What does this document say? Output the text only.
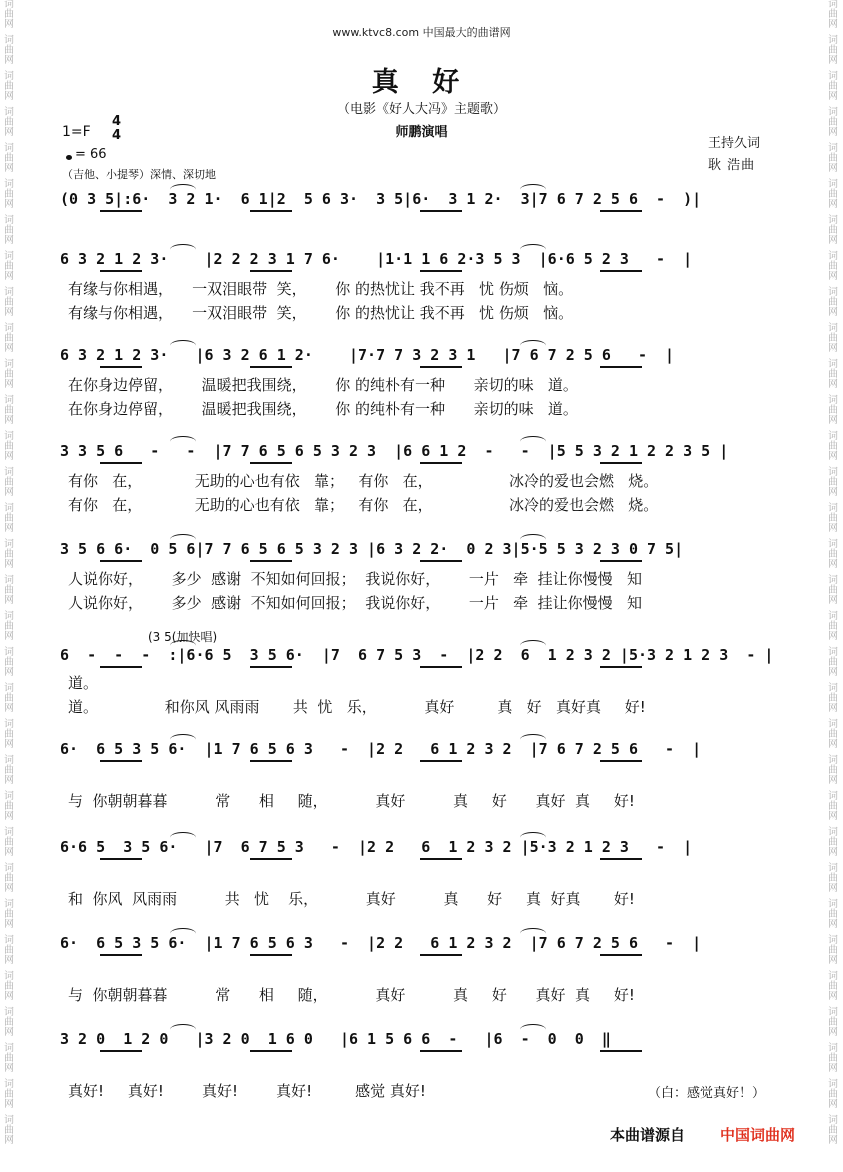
词
曲
网
词
曲
网
词
曲
网
词
曲
网
词
曲
网
词
曲
网
词
曲
网
词
曲
网
词
曲
网
词
曲
网
词
曲
网
词
曲
网
词
曲
网
词
曲
网
词
曲
网
词
曲
网
词
曲
网
词
曲
网
词
曲
网
词
曲
网
词
曲
网
词
曲
网
词
曲
网
词
曲
网
词
曲
网
词
曲
网
词
曲
网
词
曲
网
词
曲
网
词
曲
网
词
曲
网
词
曲
网
词
曲
网
词
曲
网
词
曲
网
词
曲
网
词
曲
网
词
曲
网
词
曲
网
词
曲
网
词
曲
网
词
曲
网
词
曲
网
词
曲
网
词
曲
网
词
曲
网
词
曲
网
词
曲
网
词
曲
网
词
曲
网
词
曲
网
词
曲
网
词
曲
网
词
曲
网
词
曲
网
词
曲
网
词
曲
网
词
曲
网
词
曲
网
词
曲
网
词
曲
网
词
曲
网
词
曲
网
词
曲
网
www.ktvc8.com 中国最大的曲谱网
真 好
（电影《好人大冯》主题歌）
师鹏演唱
1=F
4
4
= 66
（吉他、小提琴）深情、深切地
王持久词
耿 浩曲
(0 3 5|:6·  3 2 1·  6 1|2  5 6 3·  3 5|6·  3 1 2·  3|7 6 7 2 5 6  -  )|
6 3 2 1 2 3·    |2 2 2 3 1 7 6·    |1·1 1 6 2·3 5 3  |6·6 5 2 3   -  |
有缘与你相遇，    一双泪眼带  笑，      你 的热忧让 我不再   忧 伤烦   恼。
有缘与你相遇，    一双泪眼带  笑，      你 的热忧让 我不再   忧 伤烦   恼。
6 3 2 1 2 3·   |6 3 2 6 1 2·    |7·7 7 3 2 3 1   |7 6 7 2 5 6   -  |
在你身边停留，      温暖把我围绕，      你 的纯朴有一种      亲切的味   道。
在你身边停留，      温暖把我围绕，      你 的纯朴有一种      亲切的味   道。
3 3 5 6   -   -  |7 7 6 5 6 5 3 2 3  |6 6 1 2  -   -  |5 5 3 2 1 2 2 3 5 |
有你   在，           无助的心也有依   靠；   有你   在，                冰冷的爱也会燃   烧。
有你   在，           无助的心也有依   靠；   有你   在，                冰冷的爱也会燃   烧。
3 5 6 6·  0 5 6|7 7 6 5 6 5 3 2 3 |6 3 2 2·  0 2 3|5·5 5 3 2 3 0 7 5|
人说你好，      多少  感谢  不知如何回报；  我说你好，      一片   牵  挂让你慢慢   知
人说你好，      多少  感谢  不知如何回报；  我说你好，      一片   牵  挂让你慢慢   知
6  -  -  -  :|6·6 5  3 5 6·  |7  6 7 5 3  -  |2 2  6  1 2 3 2 |5·3 2 1 2 3  - |
道。
道。              和你风 风雨雨       共  忧   乐，          真好         真   好   真好真     好!
6·  6 5 3 5 6·  |1 7 6 5 6 3   -  |2 2   6 1 2 3 2  |7 6 7 2 5 6   -  |
与  你朝朝暮暮          常      相     随，          真好          真     好      真好  真     好!
6·6 5  3 5 6·   |7  6 7 5 3   -  |2 2   6  1 2 3 2 |5·3 2 1 2 3   -  |
和  你风  风雨雨          共   忧    乐，          真好          真      好     真  好真       好!
6·  6 5 3 5 6·  |1 7 6 5 6 3   -  |2 2   6 1 2 3 2  |7 6 7 2 5 6   -  |
与  你朝朝暮暮          常      相     随，          真好          真     好      真好  真     好!
3 2 0  1 2 0   |3 2 0  1 6 0   |6 1 5 6 6  -   |6  -  0  0  ‖
真好!     真好!        真好!        真好!         感觉 真好!
(3 5(加快唱)
（白：感觉真好！）
本曲谱源自 中国词曲网
